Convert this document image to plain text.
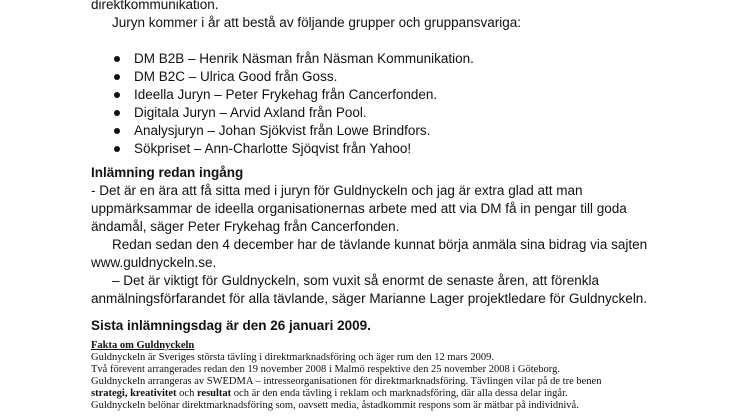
direktkommunikation.
Juryn kommer i år att bestå av följande grupper och gruppansvariga:
DM B2B – Henrik Näsman från Näsman Kommunikation.
DM B2C – Ulrica Good från Goss.
Ideella Juryn – Peter Frykehag från Cancerfonden.
Digitala Juryn – Arvid Axland från Pool.
Analysjuryn – Johan Sjökvist från Lowe Brindfors.
Sökpriset – Ann-Charlotte Sjöqvist från Yahoo!
Inlämning redan ingång
- Det är en ära att få sitta med i juryn för Guldnyckeln och jag är extra glad att man
uppmärksammar de ideella organisationernas arbete med att via DM få in pengar till goda
ändamål, säger Peter Frykehag från Cancerfonden.
Redan sedan den 4 december har de tävlande kunnat börja anmäla sina bidrag via sajten
www.guldnyckeln.se.
– Det är viktigt för Guldnyckeln, som vuxit så enormt de senaste åren, att förenkla
anmälningsförfarandet för alla tävlande, säger Marianne Lager projektledare för Guldnyckeln.
Sista inlämningsdag är den 26 januari 2009.
Fakta om Guldnyckeln
Guldnyckeln är Sveriges största tävling i direktmarknadsföring och äger rum den 12 mars 2009.
Två förevent arrangerades redan den 19 november 2008 i Malmö respektive den 25 november 2008 i Göteborg.
Guldnyckeln arrangeras av SWEDMA – intresseorganisationen för direktmarknadsföring. Tävlingen vilar på de tre benen
strategi, kreativitet och resultat och är den enda tävling i reklam och marknadsföring, där alla dessa delar ingår.
Guldnyckeln belönar direktmarknadsföring som, oavsett media, åstadkommit respons som är mätbar på individnivå.
